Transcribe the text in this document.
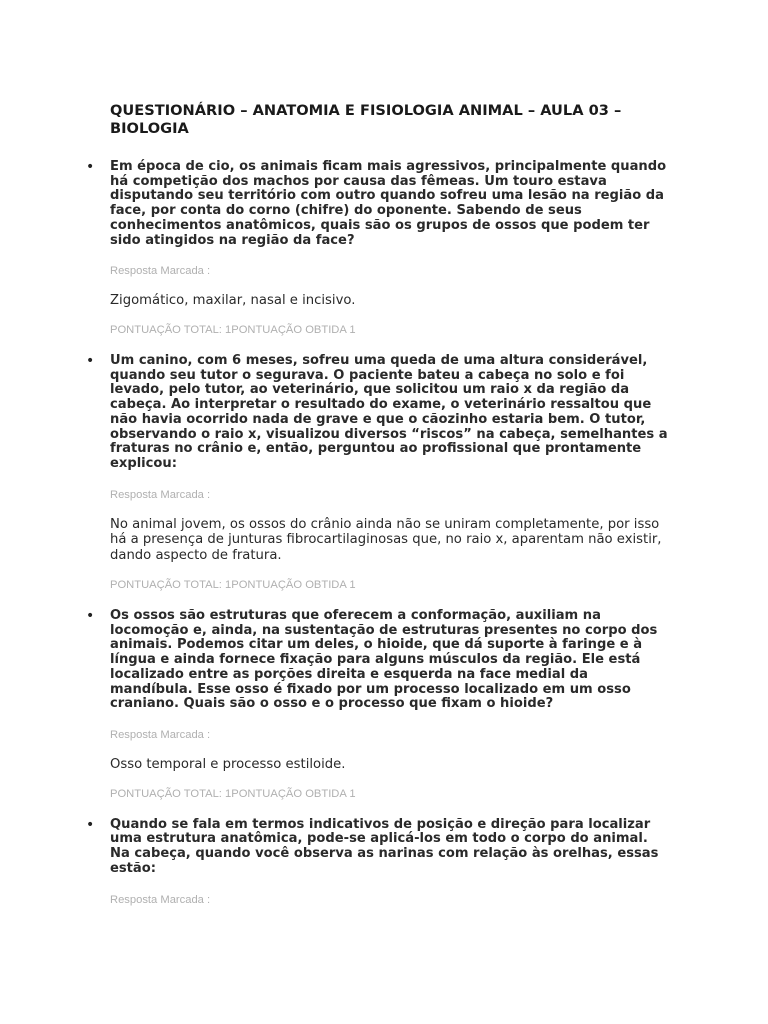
QUESTIONÁRIO – ANATOMIA E FISIOLOGIA ANIMAL – AULA 03 – BIOLOGIA
• Em época de cio, os animais ficam mais agressivos, principalmente quando há competição dos machos por causa das fêmeas. Um touro estava disputando seu território com outro quando sofreu uma lesão na região da face, por conta do corno (chifre) do oponente. Sabendo de seus conhecimentos anatômicos, quais são os grupos de ossos que podem ter sido atingidos na região da face?

Resposta Marcada :

Zigomático, maxilar, nasal e incisivo.

PONTUAÇÃO TOTAL: 1PONTUAÇÃO OBTIDA 1

• Um canino, com 6 meses, sofreu uma queda de uma altura considerável, quando seu tutor o segurava. O paciente bateu a cabeça no solo e foi levado, pelo tutor, ao veterinário, que solicitou um raio x da região da cabeça. Ao interpretar o resultado do exame, o veterinário ressaltou que não havia ocorrido nada de grave e que o cãozinho estaria bem. O tutor, observando o raio x, visualizou diversos “riscos” na cabeça, semelhantes a fraturas no crânio e, então, perguntou ao profissional que prontamente explicou:

Resposta Marcada :

No animal jovem, os ossos do crânio ainda não se uniram completamente, por isso há a presença de junturas fibrocartilaginosas que, no raio x, aparentam não existir, dando aspecto de fratura.

PONTUAÇÃO TOTAL: 1PONTUAÇÃO OBTIDA 1

• Os ossos são estruturas que oferecem a conformação, auxiliam na locomoção e, ainda, na sustentação de estruturas presentes no corpo dos animais. Podemos citar um deles, o hioide, que dá suporte à faringe e à língua e ainda fornece fixação para alguns músculos da região. Ele está localizado entre as porções direita e esquerda na face medial da mandíbula. Esse osso é fixado por um processo localizado em um osso craniano. Quais são o osso e o processo que fixam o hioide?

Resposta Marcada :

Osso temporal e processo estiloide.

PONTUAÇÃO TOTAL: 1PONTUAÇÃO OBTIDA 1

• Quando se fala em termos indicativos de posição e direção para localizar uma estrutura anatômica, pode-se aplicá-los em todo o corpo do animal. Na cabeça, quando você observa as narinas com relação às orelhas, essas estão:

Resposta Marcada :
